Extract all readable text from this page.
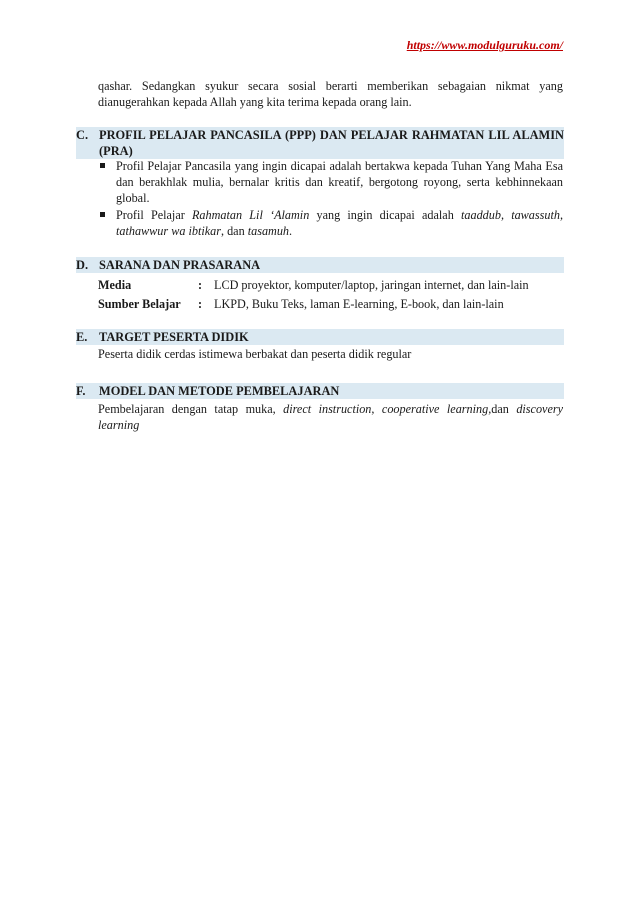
https://www.modulguruku.com/
qashar. Sedangkan syukur secara sosial berarti memberikan sebagaian nikmat yang dianugerahkan kepada Allah yang kita terima kepada orang lain.
C. PROFIL PELAJAR PANCASILA (PPP) DAN PELAJAR RAHMATAN LIL ALAMIN (PRA)
Profil Pelajar Pancasila yang ingin dicapai adalah bertakwa kepada Tuhan Yang Maha Esa dan berakhlak mulia, bernalar kritis dan kreatif, bergotong royong, serta kebhinnekaan global.
Profil Pelajar Rahmatan Lil ‘Alamin yang ingin dicapai adalah taaddub, tawassuth, tathawwur wa ibtikar, dan tasamuh.
D. SARANA DAN PRASARANA
Media	: LCD proyektor, komputer/laptop, jaringan internet, dan lain-lain
Sumber Belajar : LKPD, Buku Teks, laman E-learning, E-book, dan lain-lain
E. TARGET PESERTA DIDIK
Peserta didik cerdas istimewa berbakat dan peserta didik regular
F. MODEL DAN METODE PEMBELAJARAN
Pembelajaran dengan tatap muka, direct instruction, cooperative learning,dan discovery learning
